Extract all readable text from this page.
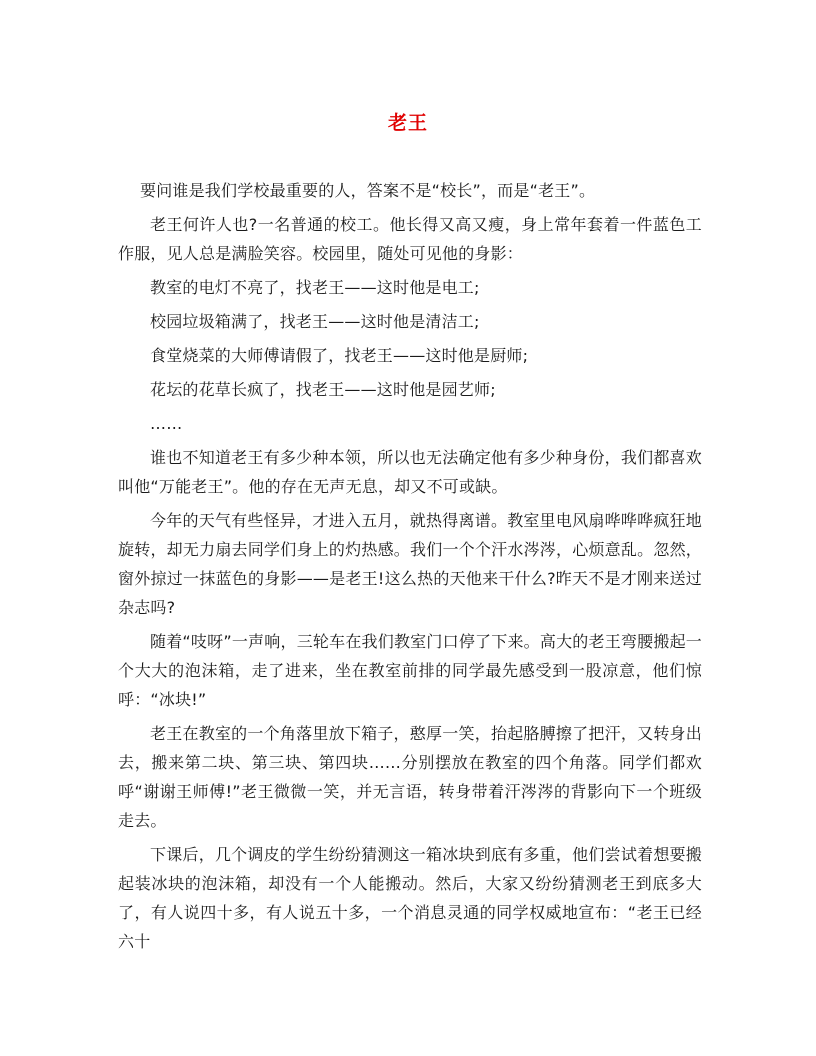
老王

要问谁是我们学校最重要的人，答案不是“校长”，而是“老王”。

老王何许人也?一名普通的校工。他长得又高又瘦，身上常年套着一件蓝色工作服，见人总是满脸笑容。校园里，随处可见他的身影：

教室的电灯不亮了，找老王——这时他是电工;

校园垃圾箱满了，找老王——这时他是清洁工;

食堂烧菜的大师傅请假了，找老王——这时他是厨师;

花坛的花草长疯了，找老王——这时他是园艺师;

……

谁也不知道老王有多少种本领，所以也无法确定他有多少种身份，我们都喜欢叫他“万能老王”。他的存在无声无息，却又不可或缺。

今年的天气有些怪异，才进入五月，就热得离谱。教室里电风扇哗哗哗疯狂地旋转，却无力扇去同学们身上的灼热感。我们一个个汗水涔涔，心烦意乱。忽然，窗外掠过一抹蓝色的身影——是老王!这么热的天他来干什么?昨天不是才刚来送过杂志吗?

随着“吱呀”一声响，三轮车在我们教室门口停了下来。高大的老王弯腰搬起一个大大的泡沫箱，走了进来，坐在教室前排的同学最先感受到一股凉意，他们惊呼：“冰块!”

老王在教室的一个角落里放下箱子，憨厚一笑，抬起胳膊擦了把汗，又转身出去，搬来第二块、第三块、第四块……分别摆放在教室的四个角落。同学们都欢呼“谢谢王师傅!”老王微微一笑，并无言语，转身带着汗涔涔的背影向下一个班级走去。

下课后，几个调皮的学生纷纷猜测这一箱冰块到底有多重，他们尝试着想要搬起装冰块的泡沫箱，却没有一个人能搬动。然后，大家又纷纷猜测老王到底多大了，有人说四十多，有人说五十多，一个消息灵通的同学权威地宣布：“老王已经六十
